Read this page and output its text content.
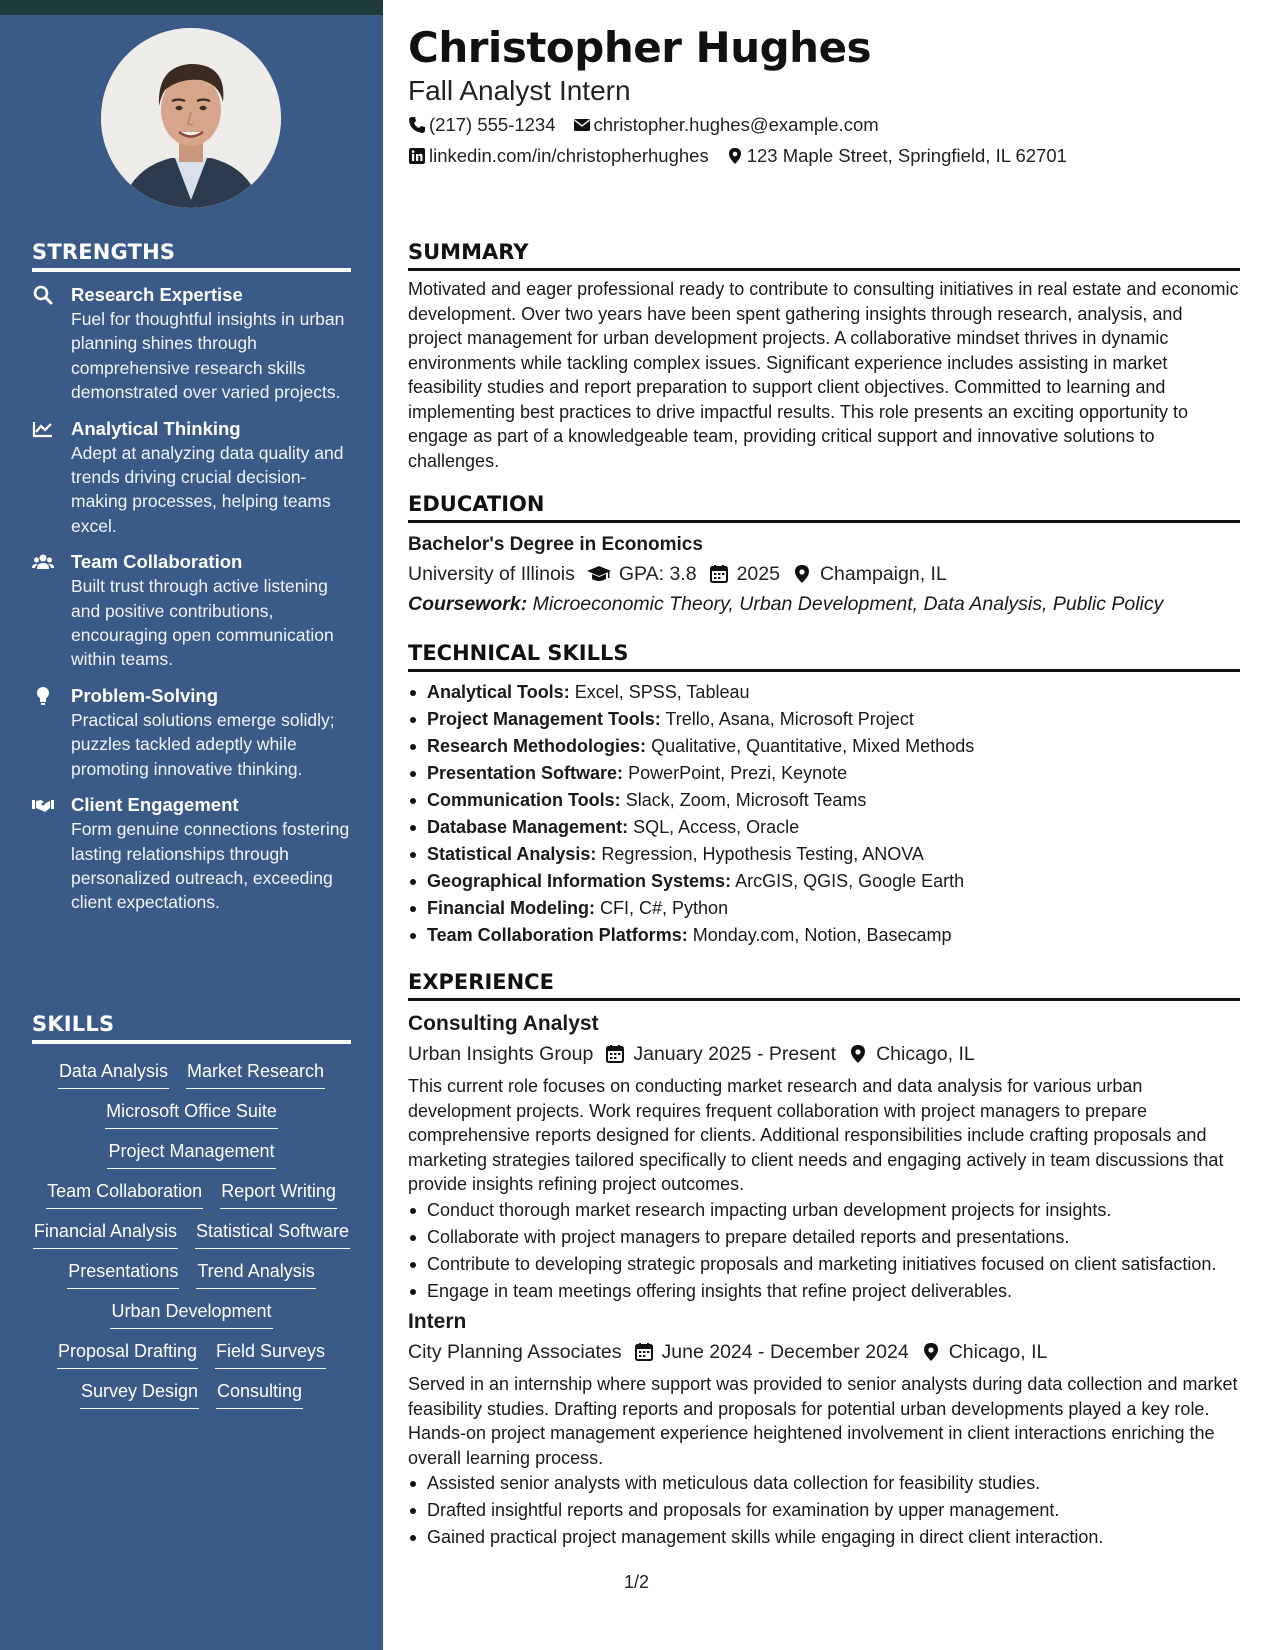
STRENGTHS
Research Expertise
Fuel for thoughtful insights in urban planning shines through comprehensive research skills demonstrated over varied projects.
Analytical Thinking
Adept at analyzing data quality and trends driving crucial decision-making processes, helping teams excel.
Team Collaboration
Built trust through active listening and positive contributions, encouraging open communication within teams.
Problem-Solving
Practical solutions emerge solidly; puzzles tackled adeptly while promoting innovative thinking.
Client Engagement
Form genuine connections fostering lasting relationships through personalized outreach, exceeding client expectations.
SKILLS
Data Analysis Market Research
Microsoft Office Suite
Project Management
Team Collaboration Report Writing
Financial Analysis Statistical Software
Presentations Trend Analysis
Urban Development
Proposal Drafting Field Surveys
Survey Design Consulting
Christopher Hughes
Fall Analyst Intern
(217) 555-1234 christopher.hughes@example.com
linkedin.com/in/christopherhughes 123 Maple Street, Springfield, IL 62701
SUMMARY
Motivated and eager professional ready to contribute to consulting initiatives in real estate and economic development. Over two years have been spent gathering insights through research, analysis, and project management for urban development projects. A collaborative mindset thrives in dynamic environments while tackling complex issues. Significant experience includes assisting in market feasibility studies and report preparation to support client objectives. Committed to learning and implementing best practices to drive impactful results. This role presents an exciting opportunity to engage as part of a knowledgeable team, providing critical support and innovative solutions to challenges.
EDUCATION
Bachelor's Degree in Economics
University of Illinois GPA: 3.8 2025 Champaign, IL
Coursework: Microeconomic Theory, Urban Development, Data Analysis, Public Policy
TECHNICAL SKILLS
Analytical Tools: Excel, SPSS, Tableau
Project Management Tools: Trello, Asana, Microsoft Project
Research Methodologies: Qualitative, Quantitative, Mixed Methods
Presentation Software: PowerPoint, Prezi, Keynote
Communication Tools: Slack, Zoom, Microsoft Teams
Database Management: SQL, Access, Oracle
Statistical Analysis: Regression, Hypothesis Testing, ANOVA
Geographical Information Systems: ArcGIS, QGIS, Google Earth
Financial Modeling: CFI, C#, Python
Team Collaboration Platforms: Monday.com, Notion, Basecamp
EXPERIENCE
Consulting Analyst
Urban Insights Group January 2025 - Present Chicago, IL
This current role focuses on conducting market research and data analysis for various urban development projects. Work requires frequent collaboration with project managers to prepare comprehensive reports designed for clients. Additional responsibilities include crafting proposals and marketing strategies tailored specifically to client needs and engaging actively in team discussions that provide insights refining project outcomes.
Conduct thorough market research impacting urban development projects for insights.
Collaborate with project managers to prepare detailed reports and presentations.
Contribute to developing strategic proposals and marketing initiatives focused on client satisfaction.
Engage in team meetings offering insights that refine project deliverables.
Intern
City Planning Associates June 2024 - December 2024 Chicago, IL
Served in an internship where support was provided to senior analysts during data collection and market feasibility studies. Drafting reports and proposals for potential urban developments played a key role. Hands-on project management experience heightened involvement in client interactions enriching the overall learning process.
Assisted senior analysts with meticulous data collection for feasibility studies.
Drafted insightful reports and proposals for examination by upper management.
Gained practical project management skills while engaging in direct client interaction.
1/2
